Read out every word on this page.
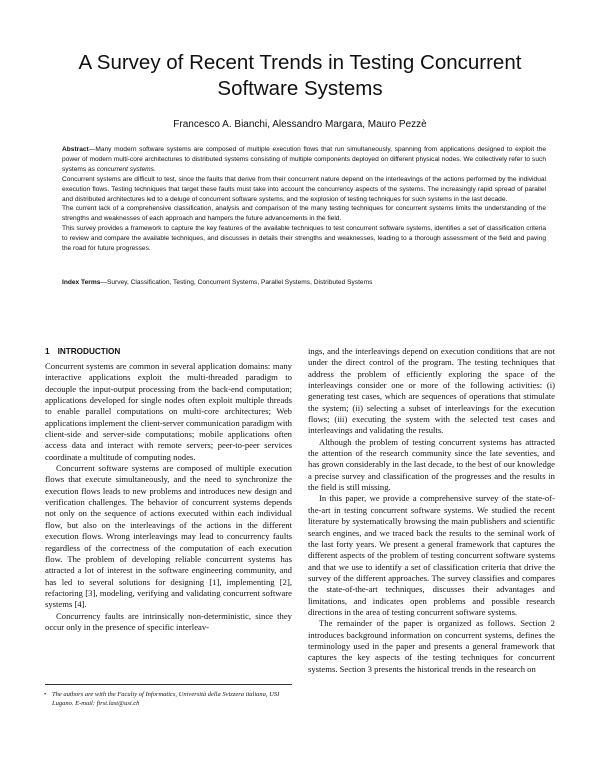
A Survey of Recent Trends in Testing Concurrent Software Systems

Francesco A. Bianchi, Alessandro Margara, Mauro Pezzè

Abstract—Many modern software systems are composed of multiple execution flows that run simultaneously, spanning from applications designed to exploit the power of modern multi-core architectures to distributed systems consisting of multiple components deployed on different physical nodes. We collectively refer to such systems as concurrent systems.

Concurrent systems are difficult to test, since the faults that derive from their concurrent nature depend on the interleavings of the actions performed by the individual execution flows. Testing techniques that target these faults must take into account the concurrency aspects of the systems. The increasingly rapid spread of parallel and distributed architectures led to a deluge of concurrent software systems, and the explosion of testing techniques for such systems in the last decade.

The current lack of a comprehensive classification, analysis and comparison of the many testing techniques for concurrent systems limits the understanding of the strengths and weaknesses of each approach and hampers the future advancements in the field.

This survey provides a framework to capture the key features of the available techniques to test concurrent software systems, identifies a set of classification criteria to review and compare the available techniques, and discusses in details their strengths and weaknesses, leading to a thorough assessment of the field and paving the road for future progresses.

Index Terms—Survey, Classification, Testing, Concurrent Systems, Parallel Systems, Distributed Systems

1 INTRODUCTION

Concurrent systems are common in several application domains: many interactive applications exploit the multi-threaded paradigm to decouple the input-output processing from the back-end computation; applications developed for single nodes often exploit multiple threads to enable parallel computations on multi-core architectures; Web applications implement the client-server communication paradigm with client-side and server-side computations; mobile applications often access data and interact with remote servers; peer-to-peer services coordinate a multitude of computing nodes.

Concurrent software systems are composed of multiple execution flows that execute simultaneously, and the need to synchronize the execution flows leads to new problems and introduces new design and verification challenges. The behavior of concurrent systems depends not only on the sequence of actions executed within each individual flow, but also on the interleavings of the actions in the different execution flows. Wrong interleavings may lead to concurrency faults regardless of the correctness of the computation of each execution flow. The problem of developing reliable concurrent systems has attracted a lot of interest in the software engineering community, and has led to several solutions for designing [1], implementing [2], refactoring [3], modeling, verifying and validating concurrent software systems [4].

Concurrency faults are intrinsically non-deterministic, since they occur only in the presence of specific interleav-

• The authors are with the Faculty of Informatics, Università della Svizzera italiana, USI Lugano. E-mail: first.last@usi.ch

ings, and the interleavings depend on execution conditions that are not under the direct control of the program. The testing techniques that address the problem of efficiently exploring the space of the interleavings consider one or more of the following activities: (i) generating test cases, which are sequences of operations that stimulate the system; (ii) selecting a subset of interleavings for the execution flows; (iii) executing the system with the selected test cases and interleavings and validating the results.

Although the problem of testing concurrent systems has attracted the attention of the research community since the late seventies, and has grown considerably in the last decade, to the best of our knowledge a precise survey and classification of the progresses and the results in the field is still missing.

In this paper, we provide a comprehensive survey of the state-of-the-art in testing concurrent software systems. We studied the recent literature by systematically browsing the main publishers and scientific search engines, and we traced back the results to the seminal work of the last forty years. We present a general framework that captures the different aspects of the problem of testing concurrent software systems and that we use to identify a set of classification criteria that drive the survey of the different approaches. The survey classifies and compares the state-of-the-art techniques, discusses their advantages and limitations, and indicates open problems and possible research directions in the area of testing concurrent software systems.

The remainder of the paper is organized as follows. Section 2 introduces background information on concurrent systems, defines the terminology used in the paper and presents a general framework that captures the key aspects of the testing techniques for concurrent systems. Section 3 presents the historical trends in the research on
